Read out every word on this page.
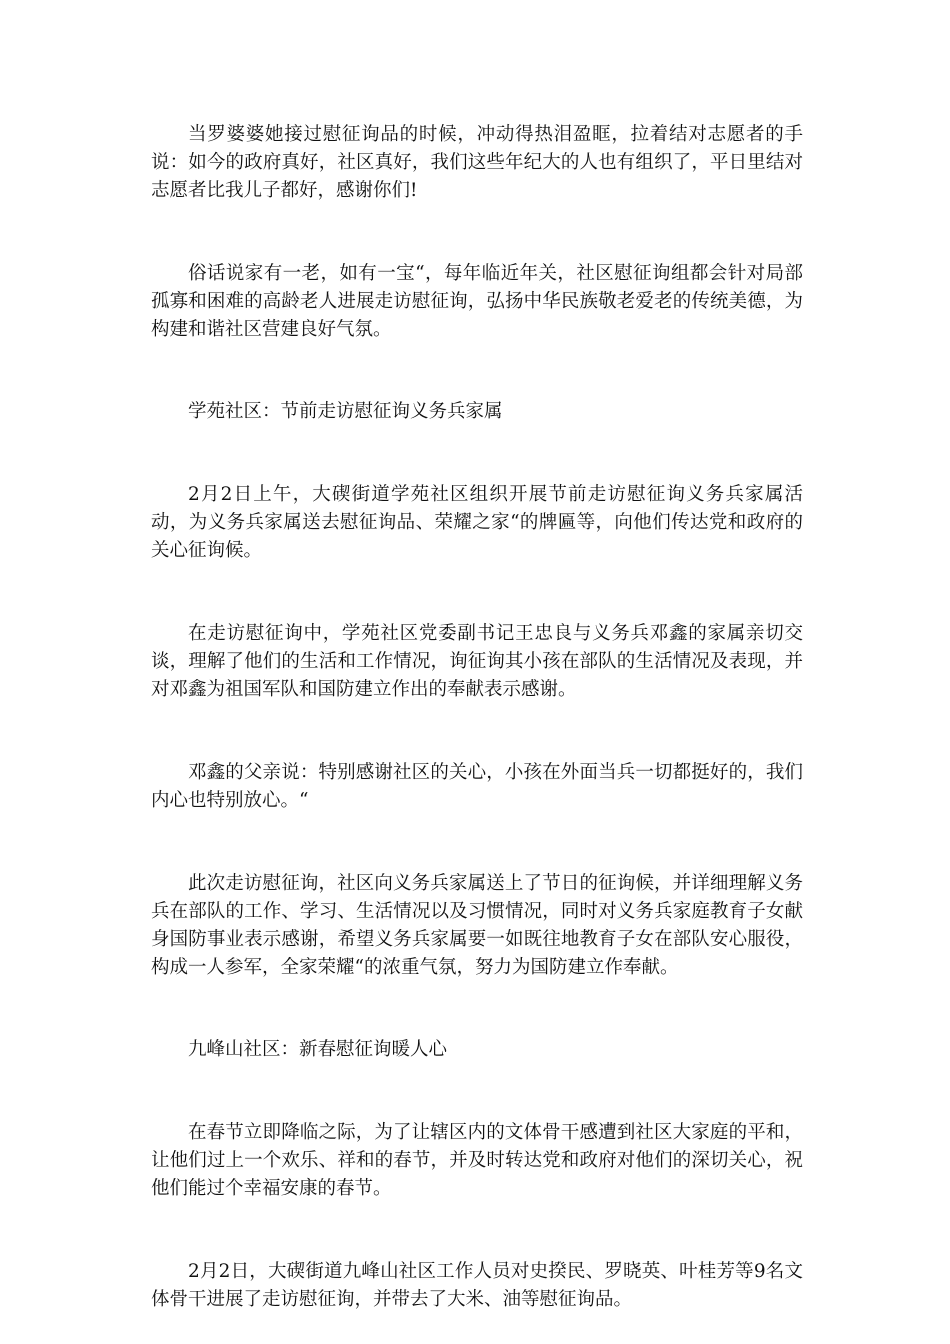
当罗婆婆她接过慰征询品的时候，冲动得热泪盈眶，拉着结对志愿者的手说：如今的政府真好，社区真好，我们这些年纪大的人也有组织了，平日里结对志愿者比我儿子都好，感谢你们!

俗话说家有一老，如有一宝“，每年临近年关，社区慰征询组都会针对局部孤寡和困难的高龄老人进展走访慰征询，弘扬中华民族敬老爱老的传统美德，为构建和谐社区营建良好气氛。

学苑社区：节前走访慰征询义务兵家属

2月2日上午，大碶街道学苑社区组织开展节前走访慰征询义务兵家属活动，为义务兵家属送去慰征询品、荣耀之家“的牌匾等，向他们传达党和政府的关心征询候。

在走访慰征询中，学苑社区党委副书记王忠良与义务兵邓鑫的家属亲切交谈，理解了他们的生活和工作情况，询征询其小孩在部队的生活情况及表现，并对邓鑫为祖国军队和国防建立作出的奉献表示感谢。

邓鑫的父亲说：特别感谢社区的关心，小孩在外面当兵一切都挺好的，我们内心也特别放心。“

此次走访慰征询，社区向义务兵家属送上了节日的征询候，并详细理解义务兵在部队的工作、学习、生活情况以及习惯情况，同时对义务兵家庭教育子女献身国防事业表示感谢，希望义务兵家属要一如既往地教育子女在部队安心服役，构成一人参军，全家荣耀“的浓重气氛，努力为国防建立作奉献。

九峰山社区：新春慰征询暖人心

在春节立即降临之际，为了让辖区内的文体骨干感遭到社区大家庭的平和，让他们过上一个欢乐、祥和的春节，并及时转达党和政府对他们的深切关心，祝他们能过个幸福安康的春节。

2月2日，大碶街道九峰山社区工作人员对史揆民、罗晓英、叶桂芳等9名文体骨干进展了走访慰征询，并带去了大米、油等慰征询品。
